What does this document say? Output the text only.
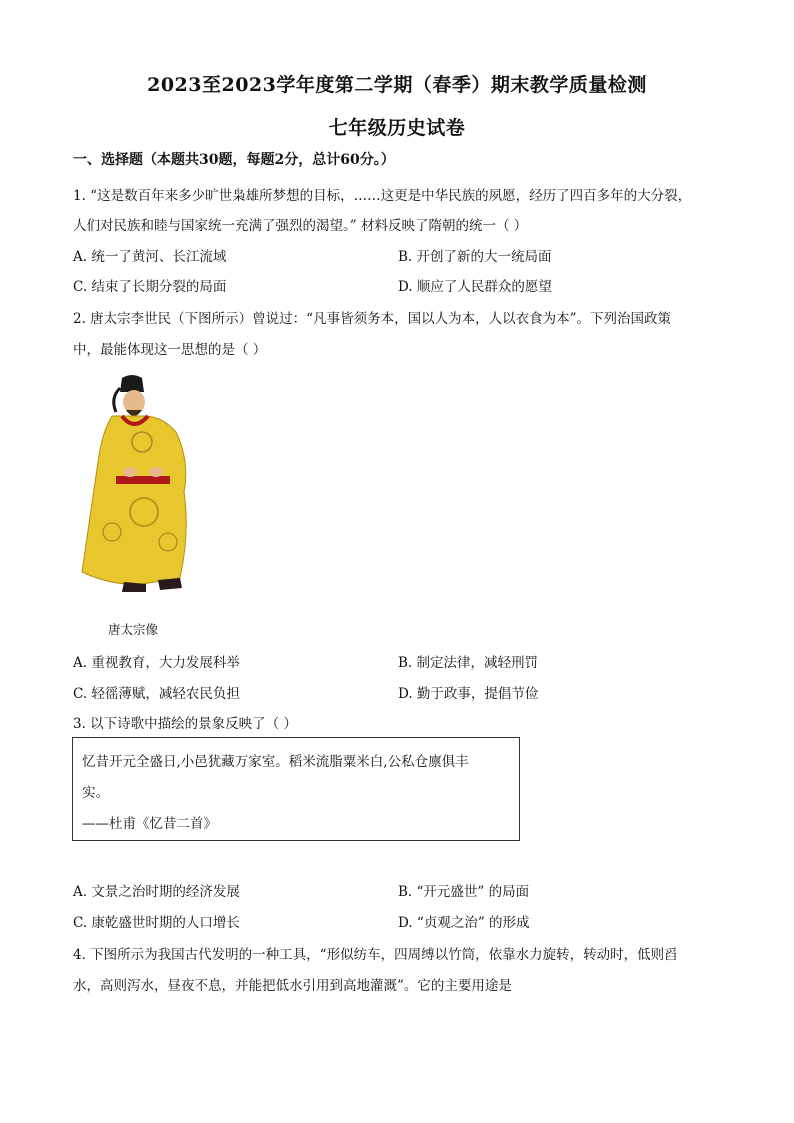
2023至2023学年度第二学期（春季）期末教学质量检测
七年级历史试卷
一、选择题（本题共30题，每题2分，总计60分。）
1. “这是数百年来多少旷世枭雄所梦想的目标，……这更是中华民族的夙愿，经历了四百多年的大分裂，
人们对民族和睦与国家统一充满了强烈的渴望。” 材料反映了隋朝的统一（ ）
A. 统一了黄河、长江流域	B. 开创了新的大一统局面
C. 结束了长期分裂的局面	D. 顺应了人民群众的愿望
2. 唐太宗李世民（下图所示）曾说过：“凡事皆须务本，国以人为本，人以衣食为本”。下列治国政策
中，最能体现这一思想的是（ ）
唐太宗像
A. 重视教育，大力发展科举	B. 制定法律，减轻刑罚
C. 轻徭薄赋，减轻农民负担	D. 勤于政事，提倡节俭
3. 以下诗歌中描绘的景象反映了（ ）
忆昔开元全盛日,小邑犹藏万家室。稻米流脂粟米白,公私仓廪俱丰
实。
——杜甫《忆昔二首》
A. 文景之治时期的经济发展	B. “开元盛世” 的局面
C. 康乾盛世时期的人口增长	D. “贞观之治” 的形成
4. 下图所示为我国古代发明的一种工具，“形似纺车，四周缚以竹筒，依靠水力旋转，转动时，低则舀
水，高则泻水，昼夜不息，并能把低水引用到高地灌溉”。它的主要用途是
